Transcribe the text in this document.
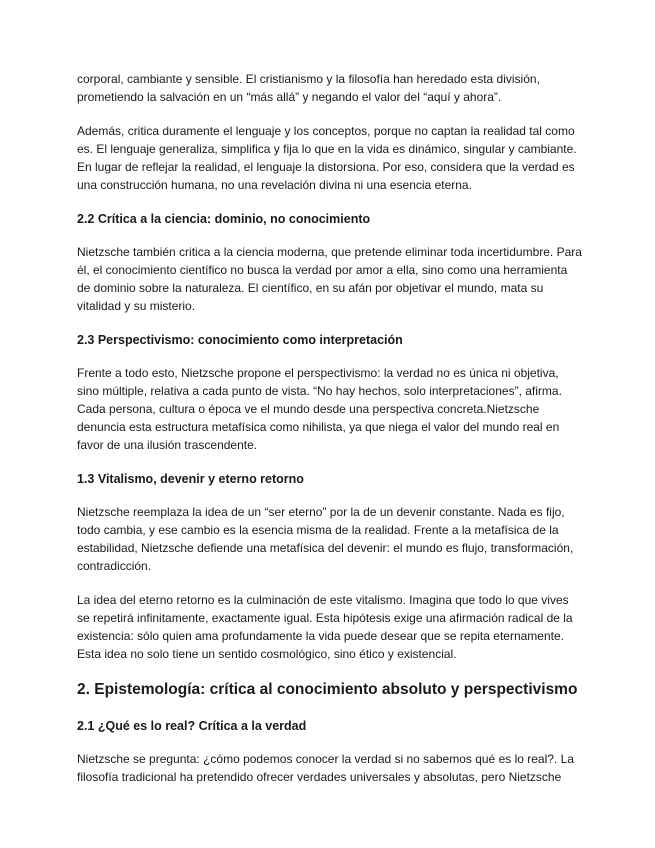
corporal, cambiante y sensible. El cristianismo y la filosofía han heredado esta división, prometiendo la salvación en un “más allá” y negando el valor del “aquí y ahora”.

Además, critica duramente el lenguaje y los conceptos, porque no captan la realidad tal como es. El lenguaje generaliza, simplifica y fija lo que en la vida es dinámico, singular y cambiante. En lugar de reflejar la realidad, el lenguaje la distorsiona. Por eso, considera que la verdad es una construcción humana, no una revelación divina ni una esencia eterna.

2.2 Crítica a la ciencia: dominio, no conocimiento

Nietzsche también critica a la ciencia moderna, que pretende eliminar toda incertidumbre. Para él, el conocimiento científico no busca la verdad por amor a ella, sino como una herramienta de dominio sobre la naturaleza. El científico, en su afán por objetivar el mundo, mata su vitalidad y su misterio.

2.3 Perspectivismo: conocimiento como interpretación

Frente a todo esto, Nietzsche propone el perspectivismo: la verdad no es única ni objetiva, sino múltiple, relativa a cada punto de vista. “No hay hechos, solo interpretaciones”, afirma. Cada persona, cultura o época ve el mundo desde una perspectiva concreta.Nietzsche denuncia esta estructura metafísica como nihilista, ya que niega el valor del mundo real en favor de una ilusión trascendente.

1.3 Vitalismo, devenir y eterno retorno

Nietzsche reemplaza la idea de un “ser eterno” por la de un devenir constante. Nada es fijo, todo cambia, y ese cambio es la esencia misma de la realidad. Frente a la metafísica de la estabilidad, Nietzsche defiende una metafísica del devenir: el mundo es flujo, transformación, contradicción.

La idea del eterno retorno es la culminación de este vitalismo. Imagina que todo lo que vives se repetirá infinitamente, exactamente igual. Esta hipótesis exige una afirmación radical de la existencia: sólo quien ama profundamente la vida puede desear que se repita eternamente. Esta idea no solo tiene un sentido cosmológico, sino ético y existencial.

2. Epistemología: crítica al conocimiento absoluto y perspectivismo
2.1 ¿Qué es lo real? Crítica a la verdad

Nietzsche se pregunta: ¿cómo podemos conocer la verdad si no sabemos qué es lo real?. La filosofía tradicional ha pretendido ofrecer verdades universales y absolutas, pero Nietzsche
